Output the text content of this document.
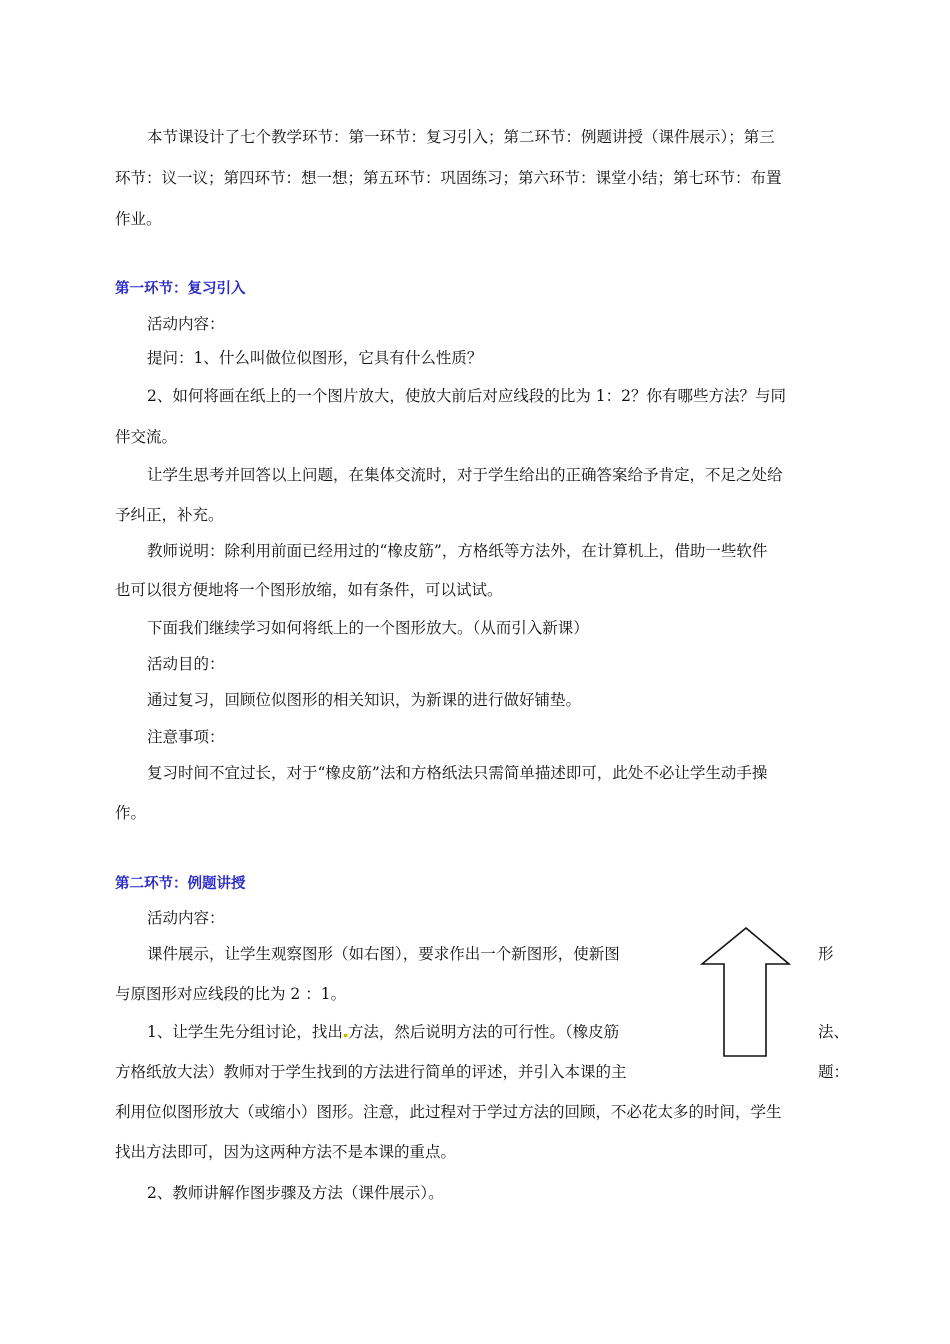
本节课设计了七个教学环节：第一环节：复习引入；第二环节：例题讲授（课件展示）；第三
环节：议一议；第四环节：想一想；第五环节：巩固练习；第六环节：课堂小结；第七环节：布置
作业。
第一环节：复习引入
活动内容：
提问：1、什么叫做位似图形，它具有什么性质？
2、如何将画在纸上的一个图片放大，使放大前后对应线段的比为 1：2？你有哪些方法？与同
伴交流。
让学生思考并回答以上问题，在集体交流时，对于学生给出的正确答案给予肯定，不足之处给
予纠正，补充。
教师说明：除利用前面已经用过的“橡皮筋”，方格纸等方法外，在计算机上，借助一些软件
也可以很方便地将一个图形放缩，如有条件，可以试试。
下面我们继续学习如何将纸上的一个图形放大。（从而引入新课）
活动目的：
通过复习，回顾位似图形的相关知识，为新课的进行做好铺垫。
注意事项：
复习时间不宜过长，对于“橡皮筋”法和方格纸法只需简单描述即可，此处不必让学生动手操
作。
第二环节：例题讲授
活动内容：
课件展示，让学生观察图形（如右图），要求作出一个新图形，使新图	形
与原图形对应线段的比为 2 ：1。
1、让学生先分组讨论，找出 方法，然后说明方法的可行性。（橡皮筋	法、
方格纸放大法）教师对于学生找到的方法进行简单的评述，并引入本课的主	题：
利用位似图形放大（或缩小）图形。注意，此过程对于学过方法的回顾，不必花太多的时间，学生
找出方法即可，因为这两种方法不是本课的重点。
2、教师讲解作图步骤及方法（课件展示）。
